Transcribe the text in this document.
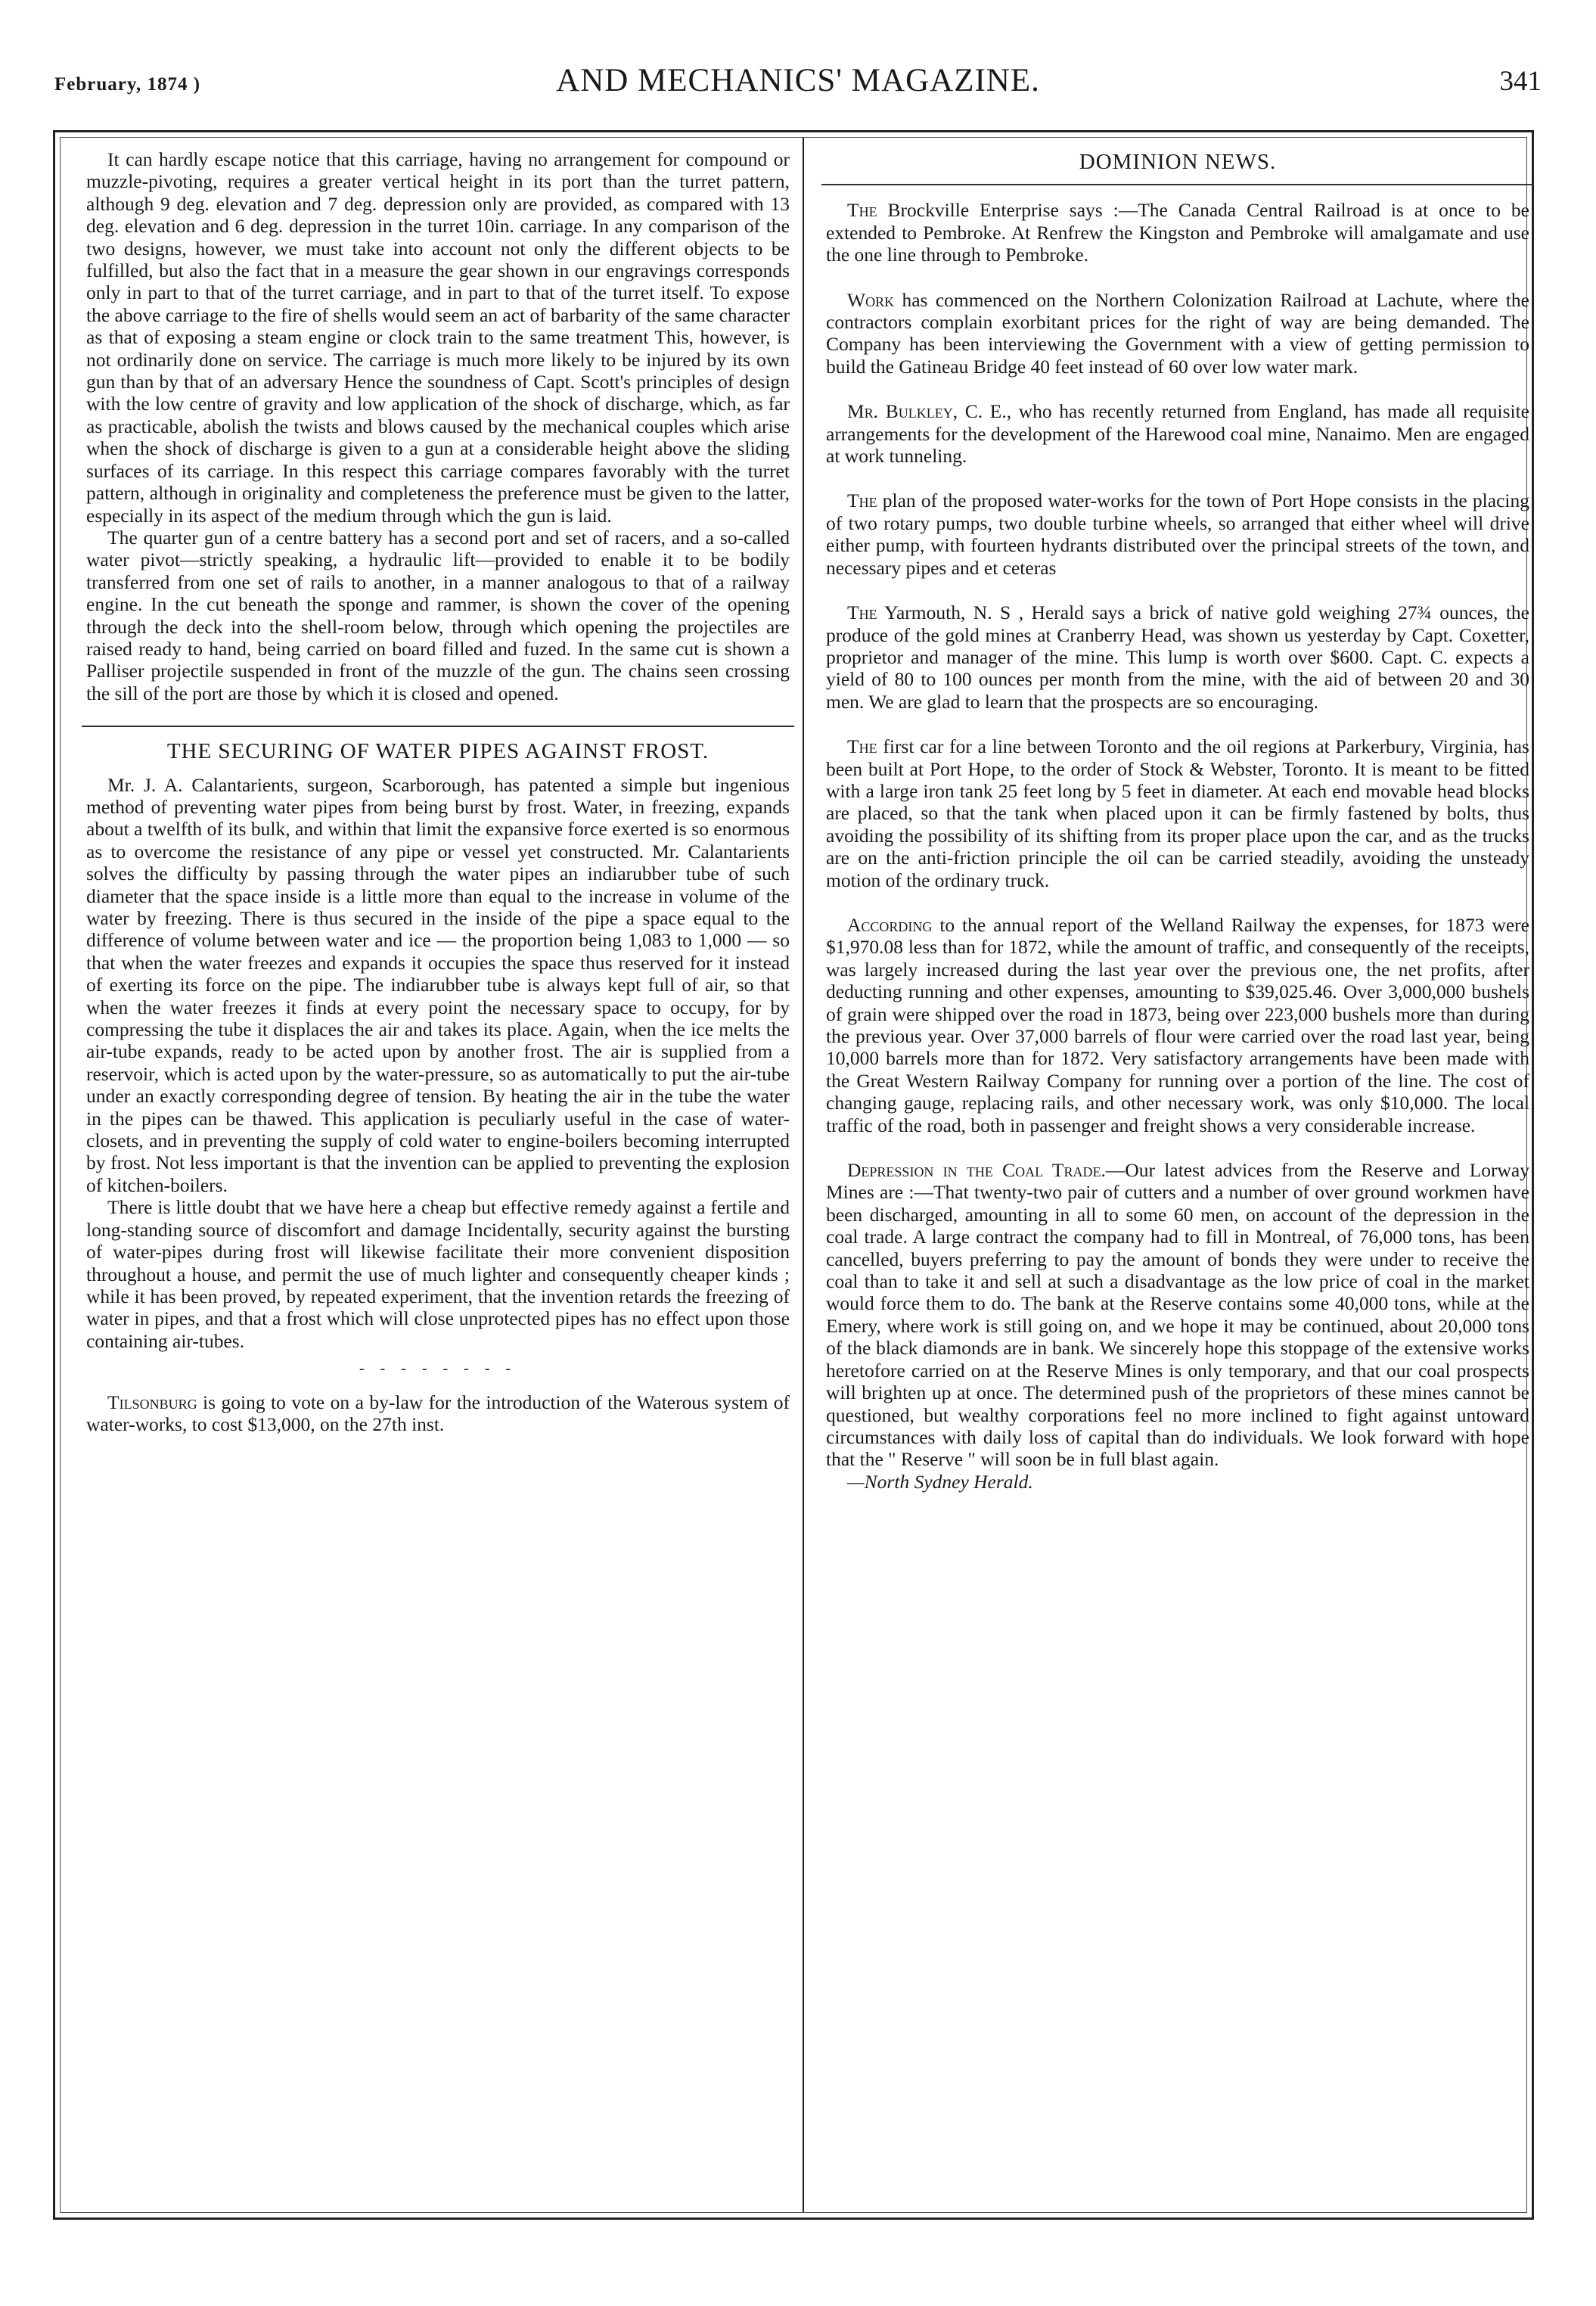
February, 1874 )	AND MECHANICS' MAGAZINE.	341

It can hardly escape notice that this carriage, having no arrangement for compound or muzzle-pivoting, requires a greater vertical height in its port than the turret pattern, although 9 deg. elevation and 7 deg. depression only are provided, as compared with 13 deg. elevation and 6 deg. depression in the turret 10in. carriage. In any comparison of the two designs, however, we must take into account not only the different objects to be fulfilled, but also the fact that in a measure the gear shown in our engravings corresponds only in part to that of the turret carriage, and in part to that of the turret itself. To expose the above carriage to the fire of shells would seem an act of barbarity of the same character as that of exposing a steam engine or clock train to the same treatment This, however, is not ordinarily done on service. The carriage is much more likely to be injured by its own gun than by that of an adversary Hence the soundness of Capt. Scott's principles of design with the low centre of gravity and low application of the shock of discharge, which, as far as practicable, abolish the twists and blows caused by the mechanical couples which arise when the shock of discharge is given to a gun at a considerable height above the sliding surfaces of its carriage. In this respect this carriage compares favorably with the turret pattern, although in originality and completeness the preference must be given to the latter, especially in its aspect of the medium through which the gun is laid.

The quarter gun of a centre battery has a second port and set of racers, and a so-called water pivot—strictly speaking, a hydraulic lift—provided to enable it to be bodily transferred from one set of rails to another, in a manner analogous to that of a railway engine. In the cut beneath the sponge and rammer, is shown the cover of the opening through the deck into the shell-room below, through which opening the projectiles are raised ready to hand, being carried on board filled and fuzed. In the same cut is shown a Palliser projectile suspended in front of the muzzle of the gun. The chains seen crossing the sill of the port are those by which it is closed and opened.

THE SECURING OF WATER PIPES AGAINST FROST.

Mr. J. A. Calantarients, surgeon, Scarborough, has patented a simple but ingenious method of preventing water pipes from being burst by frost. Water, in freezing, expands about a twelfth of its bulk, and within that limit the expansive force exerted is so enormous as to overcome the resistance of any pipe or vessel yet constructed. Mr. Calantarients solves the difficulty by passing through the water pipes an indiarubber tube of such diameter that the space inside is a little more than equal to the increase in volume of the water by freezing. There is thus secured in the inside of the pipe a space equal to the difference of volume between water and ice — the proportion being 1,083 to 1,000 — so that when the water freezes and expands it occupies the space thus reserved for it instead of exerting its force on the pipe. The indiarubber tube is always kept full of air, so that when the water freezes it finds at every point the necessary space to occupy, for by compressing the tube it displaces the air and takes its place. Again, when the ice melts the air-tube expands, ready to be acted upon by another frost. The air is supplied from a reservoir, which is acted upon by the water-pressure, so as automatically to put the air-tube under an exactly corresponding degree of tension. By heating the air in the tube the water in the pipes can be thawed. This application is peculiarly useful in the case of water-closets, and in preventing the supply of cold water to engine-boilers becoming interrupted by frost. Not less important is that the invention can be applied to preventing the explosion of kitchen-boilers.

There is little doubt that we have here a cheap but effective remedy against a fertile and long-standing source of discomfort and damage Incidentally, security against the bursting of water-pipes during frost will likewise facilitate their more convenient disposition throughout a house, and permit the use of much lighter and consequently cheaper kinds ; while it has been proved, by repeated experiment, that the invention retards the freezing of water in pipes, and that a frost which will close unprotected pipes has no effect upon those containing air-tubes.

- - - - - - - -

Tilsonburg is going to vote on a by-law for the introduction of the Waterous system of water-works, to cost $13,000, on the 27th inst.

DOMINION NEWS.

The Brockville Enterprise says :—The Canada Central Railroad is at once to be extended to Pembroke. At Renfrew the Kingston and Pembroke will amalgamate and use the one line through to Pembroke.

Work has commenced on the Northern Colonization Railroad at Lachute, where the contractors complain exorbitant prices for the right of way are being demanded. The Company has been interviewing the Government with a view of getting permission to build the Gatineau Bridge 40 feet instead of 60 over low water mark.

Mr. Bulkley, C. E., who has recently returned from England, has made all requisite arrangements for the development of the Harewood coal mine, Nanaimo. Men are engaged at work tunneling.

The plan of the proposed water-works for the town of Port Hope consists in the placing of two rotary pumps, two double turbine wheels, so arranged that either wheel will drive either pump, with fourteen hydrants distributed over the principal streets of the town, and necessary pipes and et ceteras

The Yarmouth, N. S , Herald says a brick of native gold weighing 27¾ ounces, the produce of the gold mines at Cranberry Head, was shown us yesterday by Capt. Coxetter, proprietor and manager of the mine. This lump is worth over $600. Capt. C. expects a yield of 80 to 100 ounces per month from the mine, with the aid of between 20 and 30 men. We are glad to learn that the prospects are so encouraging.

The first car for a line between Toronto and the oil regions at Parkerbury, Virginia, has been built at Port Hope, to the order of Stock & Webster, Toronto. It is meant to be fitted with a large iron tank 25 feet long by 5 feet in diameter. At each end movable head blocks are placed, so that the tank when placed upon it can be firmly fastened by bolts, thus avoiding the possibility of its shifting from its proper place upon the car, and as the trucks are on the anti-friction principle the oil can be carried steadily, avoiding the unsteady motion of the ordinary truck.

According to the annual report of the Welland Railway the expenses, for 1873 were $1,970.08 less than for 1872, while the amount of traffic, and consequently of the receipts, was largely increased during the last year over the previous one, the net profits, after deducting running and other expenses, amounting to $39,025.46. Over 3,000,000 bushels of grain were shipped over the road in 1873, being over 223,000 bushels more than during the previous year. Over 37,000 barrels of flour were carried over the road last year, being 10,000 barrels more than for 1872. Very satisfactory arrangements have been made with the Great Western Railway Company for running over a portion of the line. The cost of changing gauge, replacing rails, and other necessary work, was only $10,000. The local traffic of the road, both in passenger and freight shows a very considerable increase.

Depression in the Coal Trade.—Our latest advices from the Reserve and Lorway Mines are :—That twenty-two pair of cutters and a number of over ground workmen have been discharged, amounting in all to some 60 men, on account of the depression in the coal trade. A large contract the company had to fill in Montreal, of 76,000 tons, has been cancelled, buyers preferring to pay the amount of bonds they were under to receive the coal than to take it and sell at such a disadvantage as the low price of coal in the market would force them to do. The bank at the Reserve contains some 40,000 tons, while at the Emery, where work is still going on, and we hope it may be continued, about 20,000 tons of the black diamonds are in bank. We sincerely hope this stoppage of the extensive works heretofore carried on at the Reserve Mines is only temporary, and that our coal prospects will brighten up at once. The determined push of the proprietors of these mines cannot be questioned, but wealthy corporations feel no more inclined to fight against untoward circumstances with daily loss of capital than do individuals. We look forward with hope that the " Reserve " will soon be in full blast again.

—North Sydney Herald.
